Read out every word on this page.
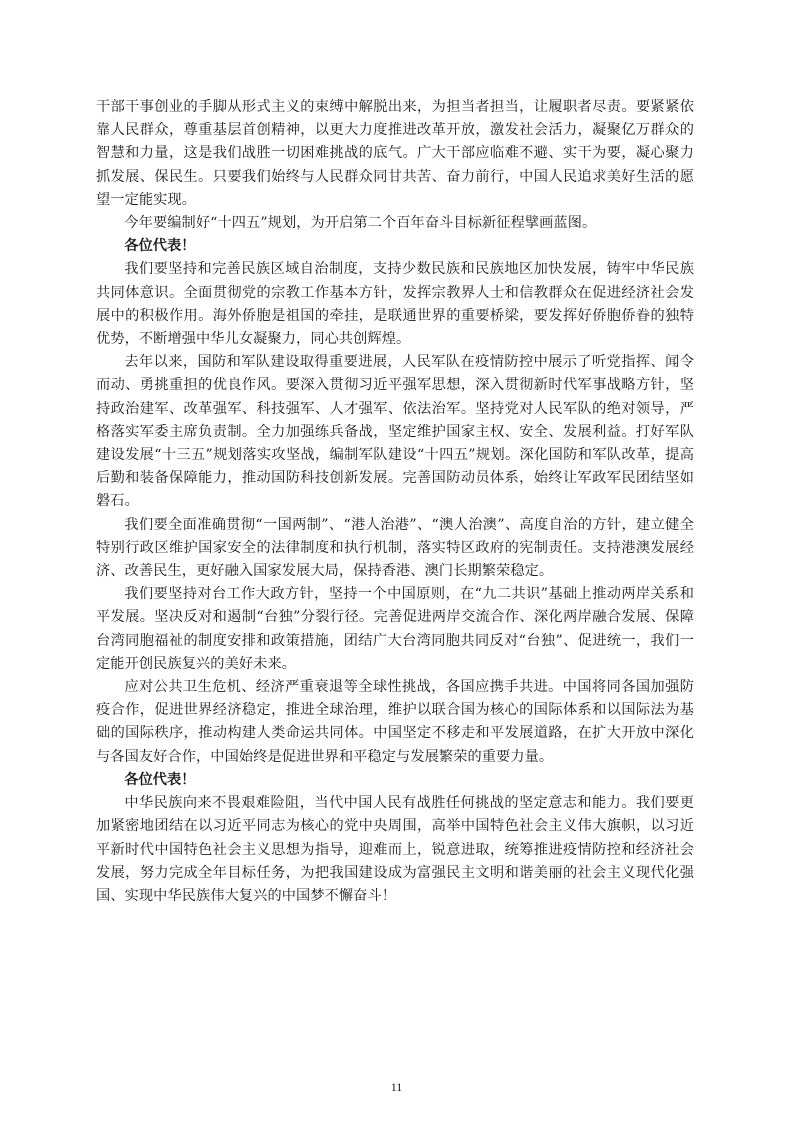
干部干事创业的手脚从形式主义的束缚中解脱出来，为担当者担当，让履职者尽责。要紧紧依靠人民群众，尊重基层首创精神，以更大力度推进改革开放，激发社会活力，凝聚亿万群众的智慧和力量，这是我们战胜一切困难挑战的底气。广大干部应临难不避、实干为要，凝心聚力抓发展、保民生。只要我们始终与人民群众同甘共苦、奋力前行，中国人民追求美好生活的愿望一定能实现。

今年要编制好“十四五”规划，为开启第二个百年奋斗目标新征程擘画蓝图。

各位代表！

我们要坚持和完善民族区域自治制度，支持少数民族和民族地区加快发展，铸牢中华民族共同体意识。全面贯彻党的宗教工作基本方针，发挥宗教界人士和信教群众在促进经济社会发展中的积极作用。海外侨胞是祖国的牵挂，是联通世界的重要桥梁，要发挥好侨胞侨眷的独特优势，不断增强中华儿女凝聚力，同心共创辉煌。

去年以来，国防和军队建设取得重要进展，人民军队在疫情防控中展示了听党指挥、闻令而动、勇挑重担的优良作风。要深入贯彻习近平强军思想，深入贯彻新时代军事战略方针，坚持政治建军、改革强军、科技强军、人才强军、依法治军。坚持党对人民军队的绝对领导，严格落实军委主席负责制。全力加强练兵备战，坚定维护国家主权、安全、发展利益。打好军队建设发展“十三五”规划落实攻坚战，编制军队建设“十四五”规划。深化国防和军队改革，提高后勤和装备保障能力，推动国防科技创新发展。完善国防动员体系，始终让军政军民团结坚如磐石。

我们要全面准确贯彻“一国两制”、“港人治港”、“澳人治澳”、高度自治的方针，建立健全特别行政区维护国家安全的法律制度和执行机制，落实特区政府的宪制责任。支持港澳发展经济、改善民生，更好融入国家发展大局，保持香港、澳门长期繁荣稳定。

我们要坚持对台工作大政方针，坚持一个中国原则，在“九二共识”基础上推动两岸关系和平发展。坚决反对和遏制“台独”分裂行径。完善促进两岸交流合作、深化两岸融合发展、保障台湾同胞福祉的制度安排和政策措施，团结广大台湾同胞共同反对“台独”、促进统一，我们一定能开创民族复兴的美好未来。

应对公共卫生危机、经济严重衰退等全球性挑战，各国应携手共进。中国将同各国加强防疫合作，促进世界经济稳定，推进全球治理，维护以联合国为核心的国际体系和以国际法为基础的国际秩序，推动构建人类命运共同体。中国坚定不移走和平发展道路，在扩大开放中深化与各国友好合作，中国始终是促进世界和平稳定与发展繁荣的重要力量。

各位代表！

中华民族向来不畏艰难险阻，当代中国人民有战胜任何挑战的坚定意志和能力。我们要更加紧密地团结在以习近平同志为核心的党中央周围，高举中国特色社会主义伟大旗帜，以习近平新时代中国特色社会主义思想为指导，迎难而上，锐意进取，统筹推进疫情防控和经济社会发展，努力完成全年目标任务，为把我国建设成为富强民主文明和谐美丽的社会主义现代化强国、实现中华民族伟大复兴的中国梦不懈奋斗！

11
